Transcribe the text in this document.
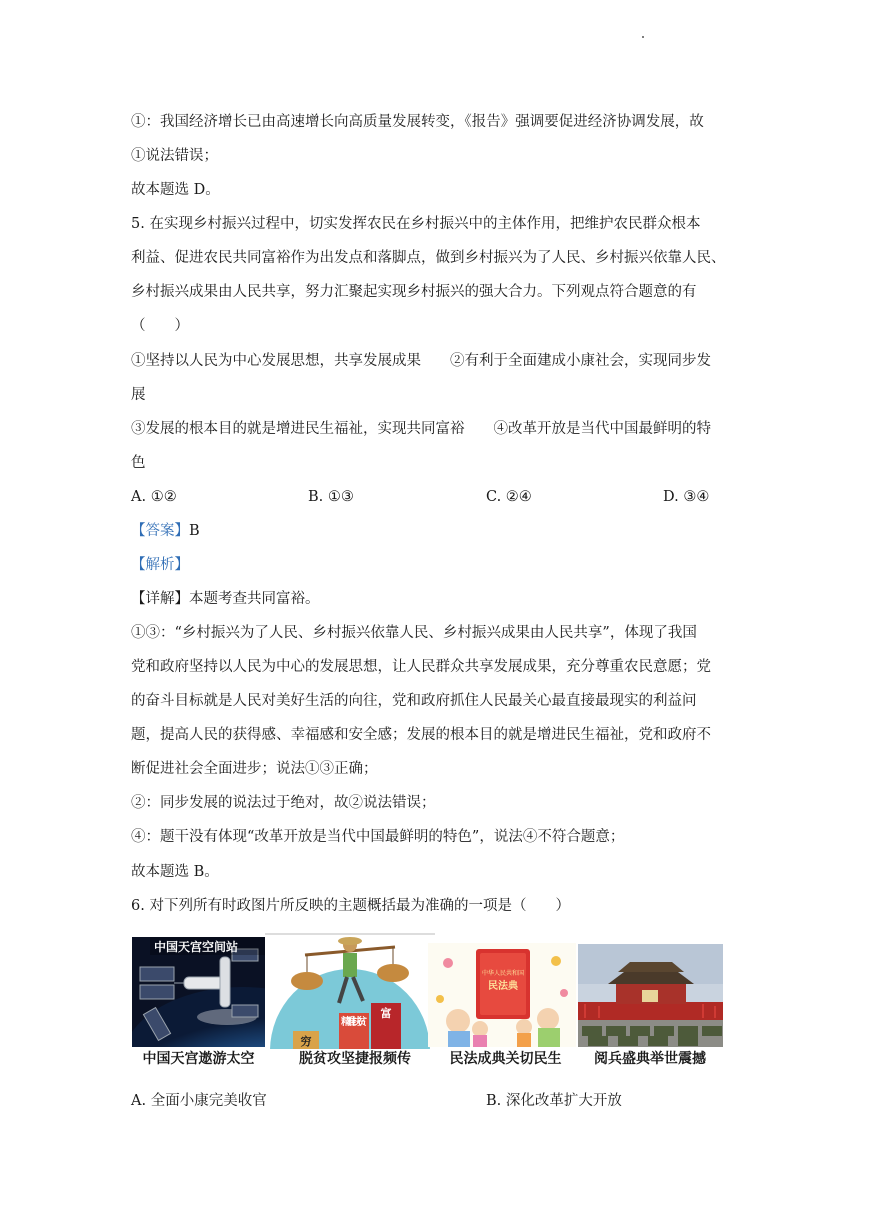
①：我国经济增长已由高速增长向高质量发展转变，《报告》强调要促进经济协调发展，故
①说法错误；
故本题选 D。
5. 在实现乡村振兴过程中，切实发挥农民在乡村振兴中的主体作用，把维护农民群众根本
利益、促进农民共同富裕作为出发点和落脚点，做到乡村振兴为了人民、乡村振兴依靠人民、
乡村振兴成果由人民共享，努力汇聚起实现乡村振兴的强大合力。下列观点符合题意的有
（　　）
①坚持以人民为中心发展思想，共享发展成果　　②有利于全面建成小康社会，实现同步发
展
③发展的根本目的就是增进民生福祉，实现共同富裕　　④改革开放是当代中国最鲜明的特
色
A. ①②	B. ①③	C. ②④	D. ③④
【答案】B
【解析】
【详解】本题考查共同富裕。
①③：“乡村振兴为了人民、乡村振兴依靠人民、乡村振兴成果由人民共享”，体现了我国
党和政府坚持以人民为中心的发展思想，让人民群众共享发展成果，充分尊重农民意愿；党
的奋斗目标就是人民对美好生活的向往，党和政府抓住人民最关心最直接最现实的利益问
题，提高人民的获得感、幸福感和安全感；发展的根本目的就是增进民生福祉，党和政府不
断促进社会全面进步；说法①③正确；
②：同步发展的说法过于绝对，故②说法错误；
④：题干没有体现“改革开放是当代中国最鲜明的特色”，说法④不符合题意；
故本题选 B。
6. 对下列所有时政图片所反映的主题概括最为准确的一项是（　　）
中国天宫空间站
穷
精准扶贫
富
中华人民共和国
民法典
中国天宫遨游太空	脱贫攻坚捷报频传	民法成典关切民生	阅兵盛典举世震撼
A. 全面小康完美收官	B. 深化改革扩大开放
